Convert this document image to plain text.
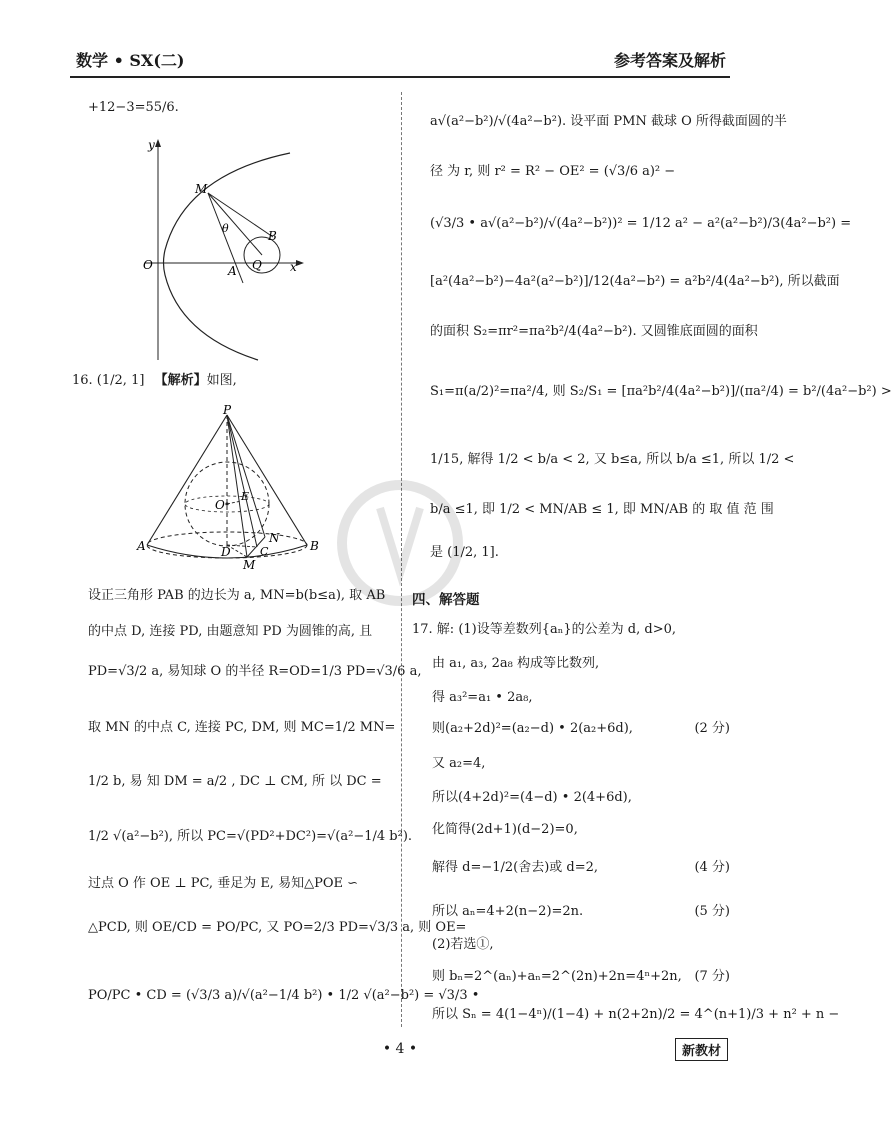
数学 • SX(二)	参考答案及解析
+12−3=55/6.
y
x
M
O
θ
B
A Q
16. (1/2, 1] 【解析】如图,
P
O
E
A	D	C
N
B
M
设正三角形 PAB 的边长为 a, MN=b(b≤a), 取 AB
的中点 D, 连接 PD, 由题意知 PD 为圆锥的高, 且
PD=√3/2 a, 易知球 O 的半径 R=OD=1/3 PD=√3/6 a,
取 MN 的中点 C, 连接 PC, DM, 则 MC=1/2 MN=
1/2 b, 易 知 DM = a/2 , DC ⊥ CM, 所 以 DC =
1/2 √(a²−b²), 所以 PC=√(PD²+DC²)=√(a²−1/4 b²).
过点 O 作 OE ⊥ PC, 垂足为 E, 易知△POE ∽
△PCD, 则 OE/CD = PO/PC, 又 PO=2/3 PD=√3/3 a, 则 OE=
PO/PC • CD = (√3/3 a)/√(a²−1/4 b²) • 1/2 √(a²−b²) = √3/3 •
a√(a²−b²)/√(4a²−b²). 设平面 PMN 截球 O 所得截面圆的半
径 为 r, 则 r² = R² − OE² = (√3/6 a)² −
(√3/3 • a√(a²−b²)/√(4a²−b²))² = 1/12 a² − a²(a²−b²)/3(4a²−b²) =
[a²(4a²−b²)−4a²(a²−b²)]/12(4a²−b²) = a²b²/4(4a²−b²), 所以截面
的面积 S₂=πr²=πa²b²/4(4a²−b²). 又圆锥底面圆的面积
S₁=π(a/2)²=πa²/4, 则 S₂/S₁ = [πa²b²/4(4a²−b²)]/(πa²/4) = b²/(4a²−b²) >
1/15, 解得 1/2 < b/a < 2, 又 b≤a, 所以 b/a ≤1, 所以 1/2 <
b/a ≤1, 即 1/2 < MN/AB ≤ 1, 即 MN/AB 的 取 值 范 围
是 (1/2, 1].
四、解答题
17. 解: (1)设等差数列{aₙ}的公差为 d, d>0,
由 a₁, a₃, 2a₈ 构成等比数列,
得 a₃²=a₁ • 2a₈,
则(a₂+2d)²=(a₂−d) • 2(a₂+6d),	(2 分)
又 a₂=4,
所以(4+2d)²=(4−d) • 2(4+6d),
化简得(2d+1)(d−2)=0,
解得 d=−1/2(舍去)或 d=2,	(4 分)
所以 aₙ=4+2(n−2)=2n.	(5 分)
(2)若选①,
则 bₙ=2^(aₙ)+aₙ=2^(2n)+2n=4ⁿ+2n, (7 分)
所以 Sₙ = 4(1−4ⁿ)/(1−4) + n(2+2n)/2 = 4^(n+1)/3 + n² + n −
• 4 •	新教材
